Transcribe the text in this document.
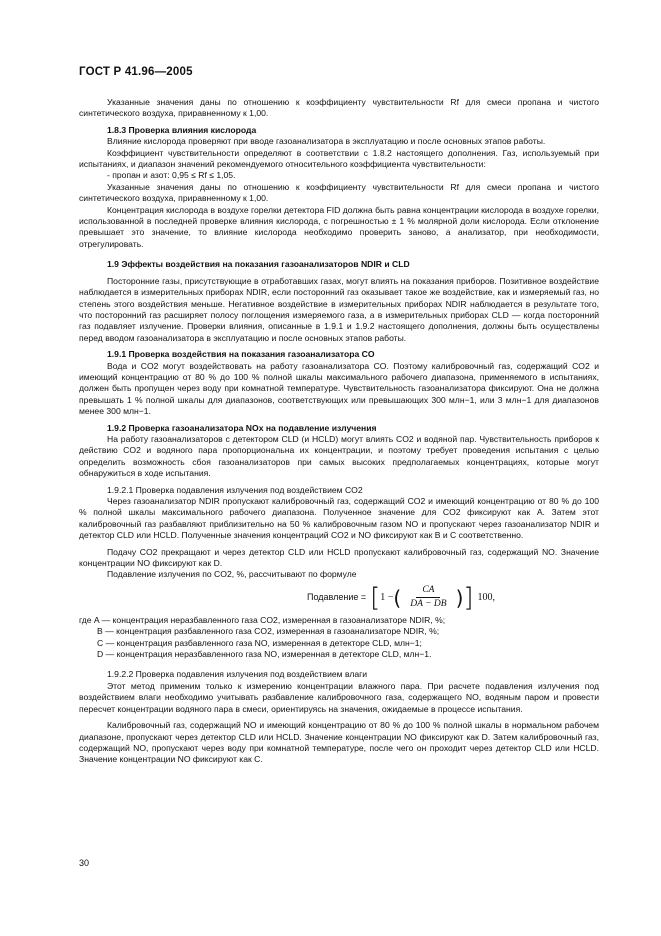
ГОСТ Р 41.96—2005

Указанные значения даны по отношению к коэффициенту чувствительности Rf для смеси пропана и чистого синтетического воздуха, приравненному к 1,00.

1.8.3 Проверка влияния кислорода

Влияние кислорода проверяют при вводе газоанализатора в эксплуатацию и после основных этапов работы.

Коэффициент чувствительности определяют в соответствии с 1.8.2 настоящего дополнения. Газ, используемый при испытаниях, и диапазон значений рекомендуемого относительного коэффициента чувствительности:

- пропан и азот: 0,95 ≤ Rf ≤ 1,05.

Указанные значения даны по отношению к коэффициенту чувствительности Rf для смеси пропана и чистого синтетического воздуха, приравненному к 1,00.

Концентрация кислорода в воздухе горелки детектора FID должна быть равна концентрации кислорода в воздухе горелки, использованной в последней проверке влияния кислорода, с погрешностью ± 1 % молярной доли кислорода. Если отклонение превышает это значение, то влияние кислорода необходимо проверить заново, а анализатор, при необходимости, отрегулировать.

1.9 Эффекты воздействия на показания газоанализаторов NDIR и CLD

Посторонние газы, присутствующие в отработавших газах, могут влиять на показания приборов. Позитивное воздействие наблюдается в измерительных приборах NDIR, если посторонний газ оказывает такое же воздействие, как и измеряемый газ, но степень этого воздействия меньше. Негативное воздействие в измерительных приборах NDIR наблюдается в результате того, что посторонний газ расширяет полосу поглощения измеряемого газа, а в измерительных приборах CLD — когда посторонний газ подавляет излучение. Проверки влияния, описанные в 1.9.1 и 1.9.2 настоящего дополнения, должны быть осуществлены перед вводом газоанализатора в эксплуатацию и после основных этапов работы.

1.9.1 Проверка воздействия на показания газоанализатора CO

Вода и CO2 могут воздействовать на работу газоанализатора CO. Поэтому калибровочный газ, содержащий CO2 и имеющий концентрацию от 80 % до 100 % полной шкалы максимального рабочего диапазона, применяемого в испытаниях, должен быть пропущен через воду при комнатной температуре. Чувствительность газоанализатора фиксируют. Она не должна превышать 1 % полной шкалы для диапазонов, соответствующих или превышающих 300 млн−1, или 3 млн−1 для диапазонов менее 300 млн−1.

1.9.2 Проверка газоанализатора NOx на подавление излучения

На работу газоанализаторов с детектором CLD (и HCLD) могут влиять CO2 и водяной пар. Чувствительность приборов к действию CO2 и водяного пара пропорциональна их концентрации, и поэтому требует проведения испытания с целью определить возможность сбоя газоанализаторов при самых высоких предполагаемых концентрациях, которые могут обнаружиться в ходе испытания.

1.9.2.1 Проверка подавления излучения под воздействием CO2

Через газоанализатор NDIR пропускают калибровочный газ, содержащий CO2 и имеющий концентрацию от 80 % до 100 % полной шкалы максимального рабочего диапазона. Полученное значение для CO2 фиксируют как A. Затем этот калибровочный газ разбавляют приблизительно на 50 % калибровочным газом NO и пропускают через газоанализатор NDIR и детектор CLD или HCLD. Полученные значения концентраций CO2 и NO фиксируют как B и C соответственно.

Подачу CO2 прекращают и через детектор CLD или HCLD пропускают калибровочный газ, содержащий NO. Значение концентрации NO фиксируют как D.

Подавление излучения по CO2, %, рассчитывают по формуле

Подавление = [ 1 − ( $\frac{CA}{DA - DB}$ ) ] 100,

где A — концентрация неразбавленного газа CO2, измеренная в газоанализаторе NDIR, %;

B — концентрация разбавленного газа CO2, измеренная в газоанализаторе NDIR, %;

C — концентрация разбавленного газа NO, измеренная в детекторе CLD, млн−1;

D — концентрация неразбавленного газа NO, измеренная в детекторе CLD, млн−1.

1.9.2.2 Проверка подавления излучения под воздействием влаги

Этот метод применим только к измерению концентрации влажного пара. При расчете подавления излучения под воздействием влаги необходимо учитывать разбавление калибровочного газа, содержащего NO, водяным паром и провести пересчет концентрации водяного пара в смеси, ориентируясь на значения, ожидаемые в процессе испытания.

Калибровочный газ, содержащий NO и имеющий концентрацию от 80 % до 100 % полной шкалы в нормальном рабочем диапазоне, пропускают через детектор CLD или HCLD. Значение концентрации NO фиксируют как D. Затем калибровочный газ, содержащий NO, пропускают через воду при комнатной температуре, после чего он проходит через детектор CLD или HCLD. Значение концентрации NO фиксируют как C.

30
